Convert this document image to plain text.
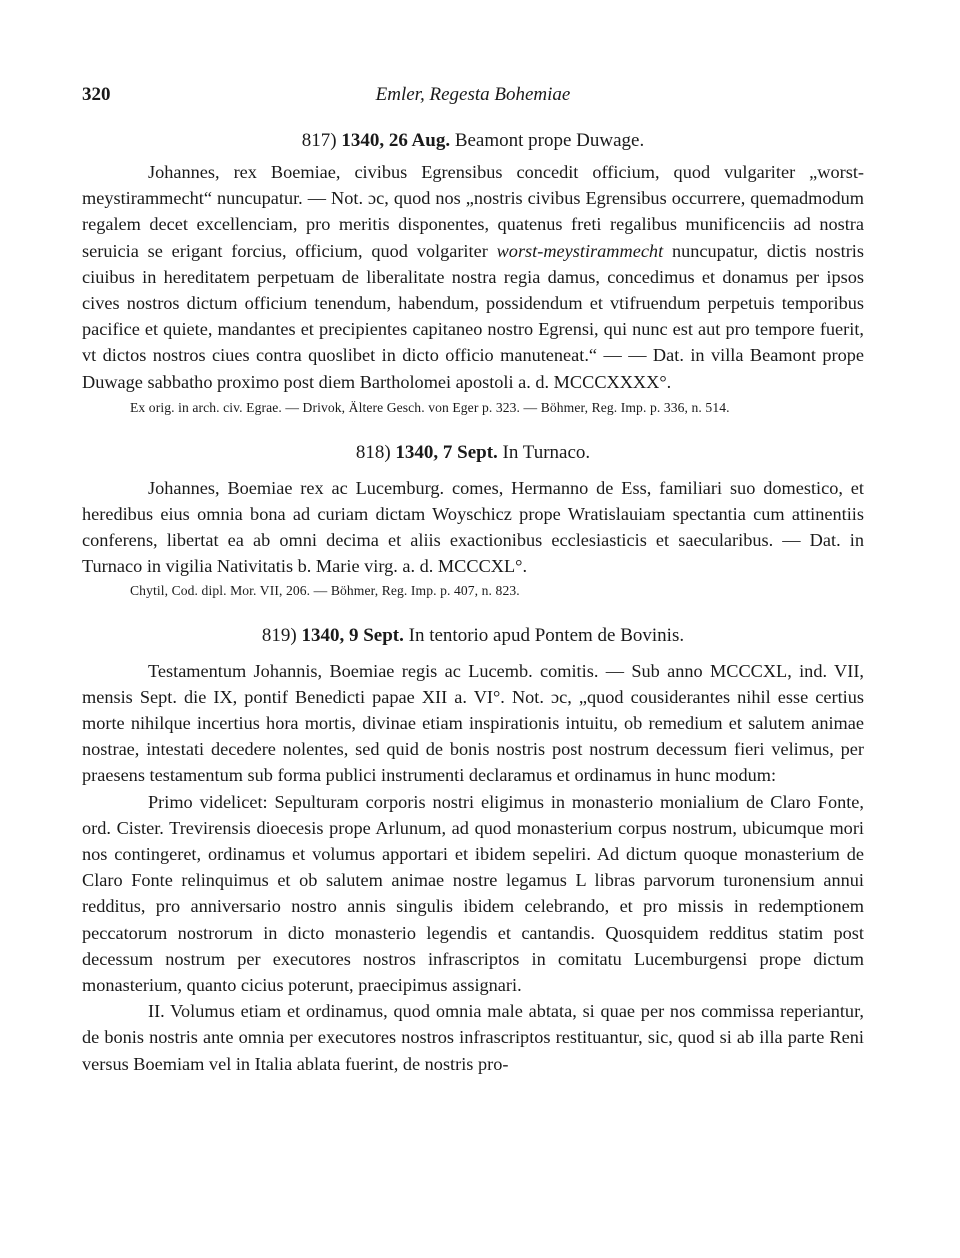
320	Emler, Regesta Bohemiae

817) 1340, 26 Aug. Beamont prope Duwage.

Johannes, rex Boemiae, civibus Egrensibus concedit officium, quod vulgariter „worst-meystirammecht“ nuncupatur. — Not. ɔc, quod nos „nostris civibus Egrensibus occurrere, quemadmodum regalem decet excellenciam, pro meritis disponentes, quatenus freti regalibus munificenciis ad nostra seruicia se erigant forcius, officium, quod volgariter worst-meystirammecht nuncupatur, dictis nostris ciuibus in hereditatem perpetuam de liberalitate nostra regia damus, concedimus et donamus per ipsos cives nostros dictum officium tenendum, habendum, possidendum et vtifruendum perpetuis temporibus pacifice et quiete, mandantes et precipientes capitaneo nostro Egrensi, qui nunc est aut pro tempore fuerit, vt dictos nostros ciues contra quoslibet in dicto officio manuteneat.“ — — Dat. in villa Beamont prope Duwage sabbatho proximo post diem Bartholomei apostoli a. d. MCCCXXXX°.

Ex orig. in arch. civ. Egrae. — Drivok, Ältere Gesch. von Eger p. 323. — Böhmer, Reg. Imp. p. 336, n. 514.

818) 1340, 7 Sept. In Turnaco.

Johannes, Boemiae rex ac Lucemburg. comes, Hermanno de Ess, familiari suo domestico, et heredibus eius omnia bona ad curiam dictam Woyschicz prope Wratislauiam spectantia cum attinentiis conferens, libertat ea ab omni decima et aliis exactionibus ecclesiasticis et saecularibus. — Dat. in Turnaco in vigilia Nativitatis b. Marie virg. a. d. MCCCXL°.

Chytil, Cod. dipl. Mor. VII, 206. — Böhmer, Reg. Imp. p. 407, n. 823.

819) 1340, 9 Sept. In tentorio apud Pontem de Bovinis.

Testamentum Johannis, Boemiae regis ac Lucemb. comitis. — Sub anno MCCCXL, ind. VII, mensis Sept. die IX, pontif Benedicti papae XII a. VI°. Not. ɔc, „quod cousiderantes nihil esse certius morte nihilque incertius hora mortis, divinae etiam inspirationis intuitu, ob remedium et salutem animae nostrae, intestati decedere nolentes, sed quid de bonis nostris post nostrum decessum fieri velimus, per praesens testamentum sub forma publici instrumenti declaramus et ordinamus in hunc modum:

Primo videlicet: Sepulturam corporis nostri eligimus in monasterio monialium de Claro Fonte, ord. Cister. Trevirensis dioecesis prope Arlunum, ad quod monasterium corpus nostrum, ubicumque mori nos contingeret, ordinamus et volumus apportari et ibidem sepeliri. Ad dictum quoque monasterium de Claro Fonte relinquimus et ob salutem animae nostre legamus L libras parvorum turonensium annui redditus, pro anniversario nostro annis singulis ibidem celebrando, et pro missis in redemptionem peccatorum nostrorum in dicto monasterio legendis et cantandis. Quosquidem redditus statim post decessum nostrum per executores nostros infrascriptos in comitatu Lucemburgensi prope dictum monasterium, quanto cicius poterunt, praecipimus assignari.

II. Volumus etiam et ordinamus, quod omnia male abtata, si quae per nos commissa reperiantur, de bonis nostris ante omnia per executores nostros infrascriptos restituantur, sic, quod si ab illa parte Reni versus Boemiam vel in Italia ablata fuerint, de nostris pro-
